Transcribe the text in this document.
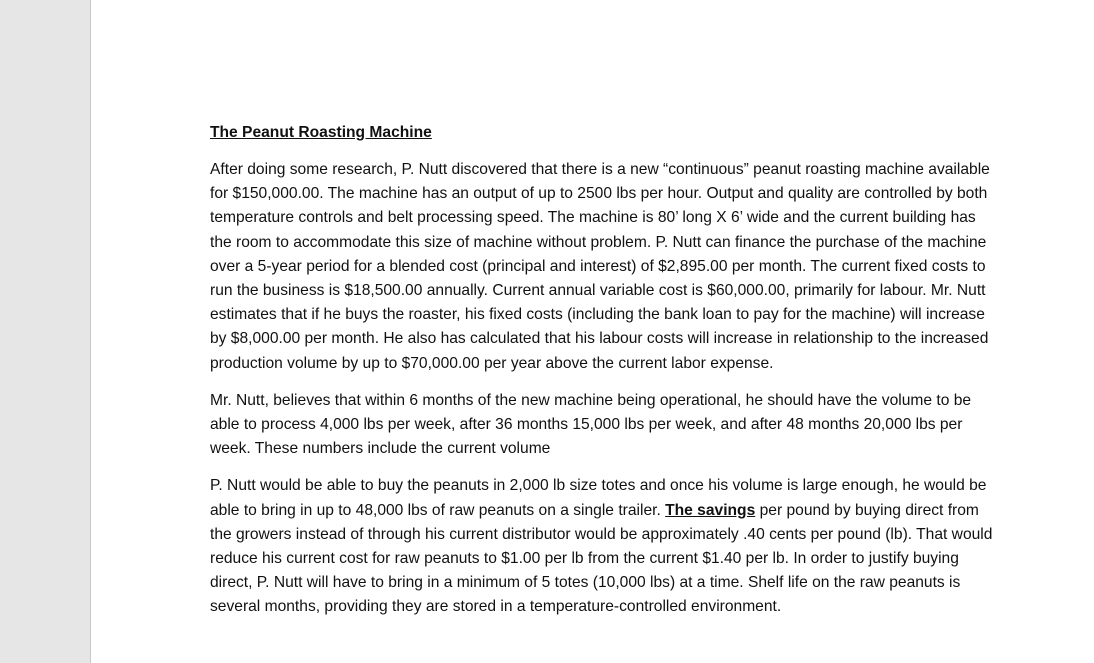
The Peanut Roasting Machine

After doing some research, P. Nutt discovered that there is a new “continuous” peanut roasting machine available for $150,000.00. The machine has an output of up to 2500 lbs per hour. Output and quality are controlled by both temperature controls and belt processing speed. The machine is 80’ long X 6’ wide and the current building has the room to accommodate this size of machine without problem. P. Nutt can finance the purchase of the machine over a 5-year period for a blended cost (principal and interest) of $2,895.00 per month. The current fixed costs to run the business is $18,500.00 annually. Current annual variable cost is $60,000.00, primarily for labour. Mr. Nutt estimates that if he buys the roaster, his fixed costs (including the bank loan to pay for the machine) will increase by $8,000.00 per month. He also has calculated that his labour costs will increase in relationship to the increased production volume by up to $70,000.00 per year above the current labor expense.

Mr. Nutt, believes that within 6 months of the new machine being operational, he should have the volume to be able to process 4,000 lbs per week, after 36 months 15,000 lbs per week, and after 48 months 20,000 lbs per week. These numbers include the current volume

P. Nutt would be able to buy the peanuts in 2,000 lb size totes and once his volume is large enough, he would be able to bring in up to 48,000 lbs of raw peanuts on a single trailer. The savings per pound by buying direct from the growers instead of through his current distributor would be approximately .40 cents per pound (lb). That would reduce his current cost for raw peanuts to $1.00 per lb from the current $1.40 per lb. In order to justify buying direct, P. Nutt will have to bring in a minimum of 5 totes (10,000 lbs) at a time. Shelf life on the raw peanuts is several months, providing they are stored in a temperature-controlled environment.
